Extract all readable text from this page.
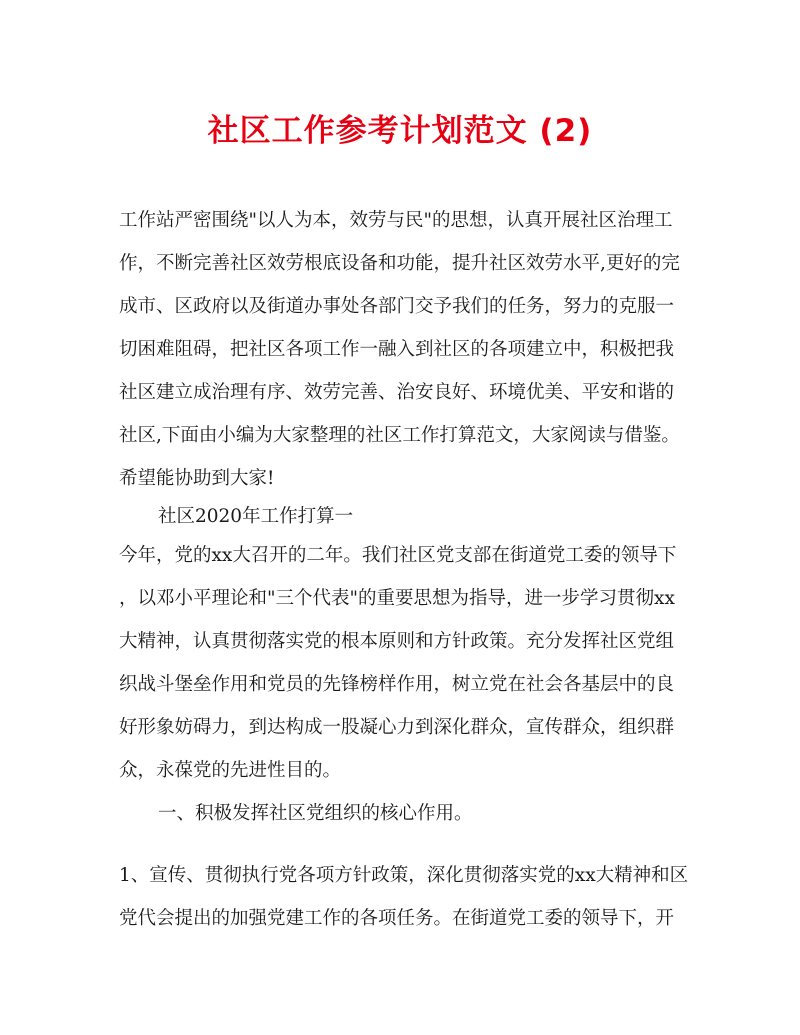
社区工作参考计划范文 (2)
工作站严密围绕"以人为本，效劳与民"的思想，认真开展社区治理工
作，不断完善社区效劳根底设备和功能，提升社区效劳水平,更好的完
成市、区政府以及街道办事处各部门交予我们的任务，努力的克服一
切困难阻碍，把社区各项工作一融入到社区的各项建立中，积极把我
社区建立成治理有序、效劳完善、治安良好、环境优美、平安和谐的
社区,下面由小编为大家整理的社区工作打算范文，大家阅读与借鉴。
希望能协助到大家!
社区2020年工作打算一
今年，党的xx大召开的二年。我们社区党支部在街道党工委的领导下
，以邓小平理论和"三个代表"的重要思想为指导，进一步学习贯彻xx
大精神，认真贯彻落实党的根本原则和方针政策。充分发挥社区党组
织战斗堡垒作用和党员的先锋榜样作用，树立党在社会各基层中的良
好形象妨碍力，到达构成一股凝心力到深化群众，宣传群众，组织群
众，永葆党的先进性目的。
一、积极发挥社区党组织的核心作用。
1、宣传、贯彻执行党各项方针政策，深化贯彻落实党的xx大精神和区
党代会提出的加强党建工作的各项任务。在街道党工委的领导下，开
